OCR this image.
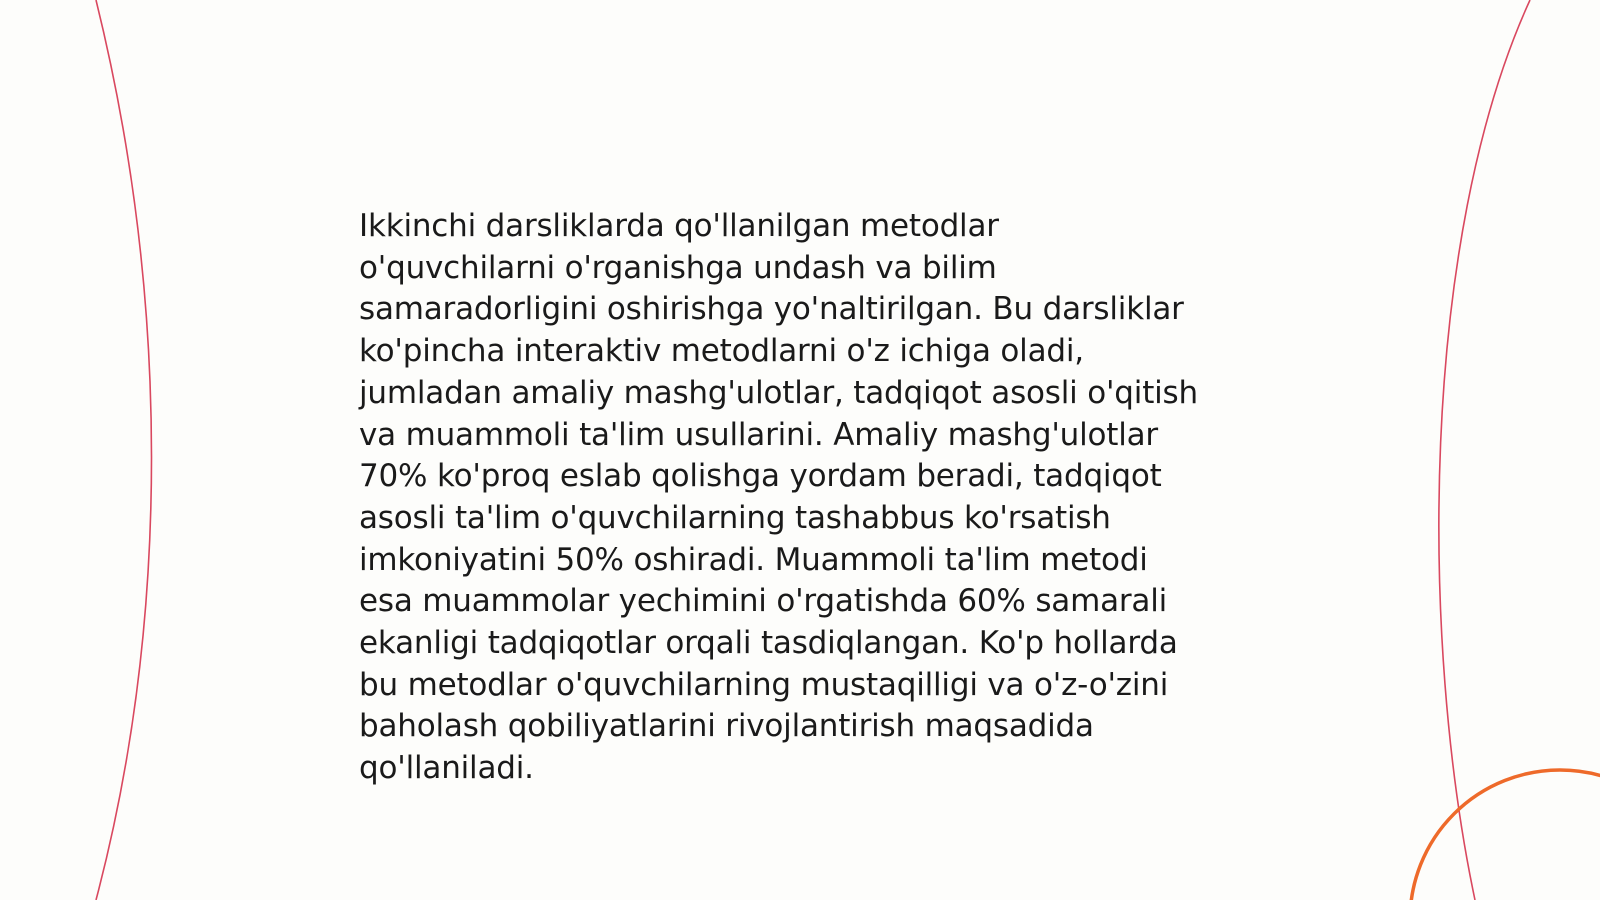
Ikkinchi darsliklarda qo'llanilgan metodlar
o'quvchilarni o'rganishga undash va bilim
samaradorligini oshirishga yo'naltirilgan. Bu darsliklar
ko'pincha interaktiv metodlarni o'z ichiga oladi,
jumladan amaliy mashg'ulotlar, tadqiqot asosli o'qitish
va muammoli ta'lim usullarini. Amaliy mashg'ulotlar
70% ko'proq eslab qolishga yordam beradi, tadqiqot
asosli ta'lim o'quvchilarning tashabbus ko'rsatish
imkoniyatini 50% oshiradi. Muammoli ta'lim metodi
esa muammolar yechimini o'rgatishda 60% samarali
ekanligi tadqiqotlar orqali tasdiqlangan. Ko'p hollarda
bu metodlar o'quvchilarning mustaqilligi va o'z-o'zini
baholash qobiliyatlarini rivojlantirish maqsadida
qo'llaniladi.
